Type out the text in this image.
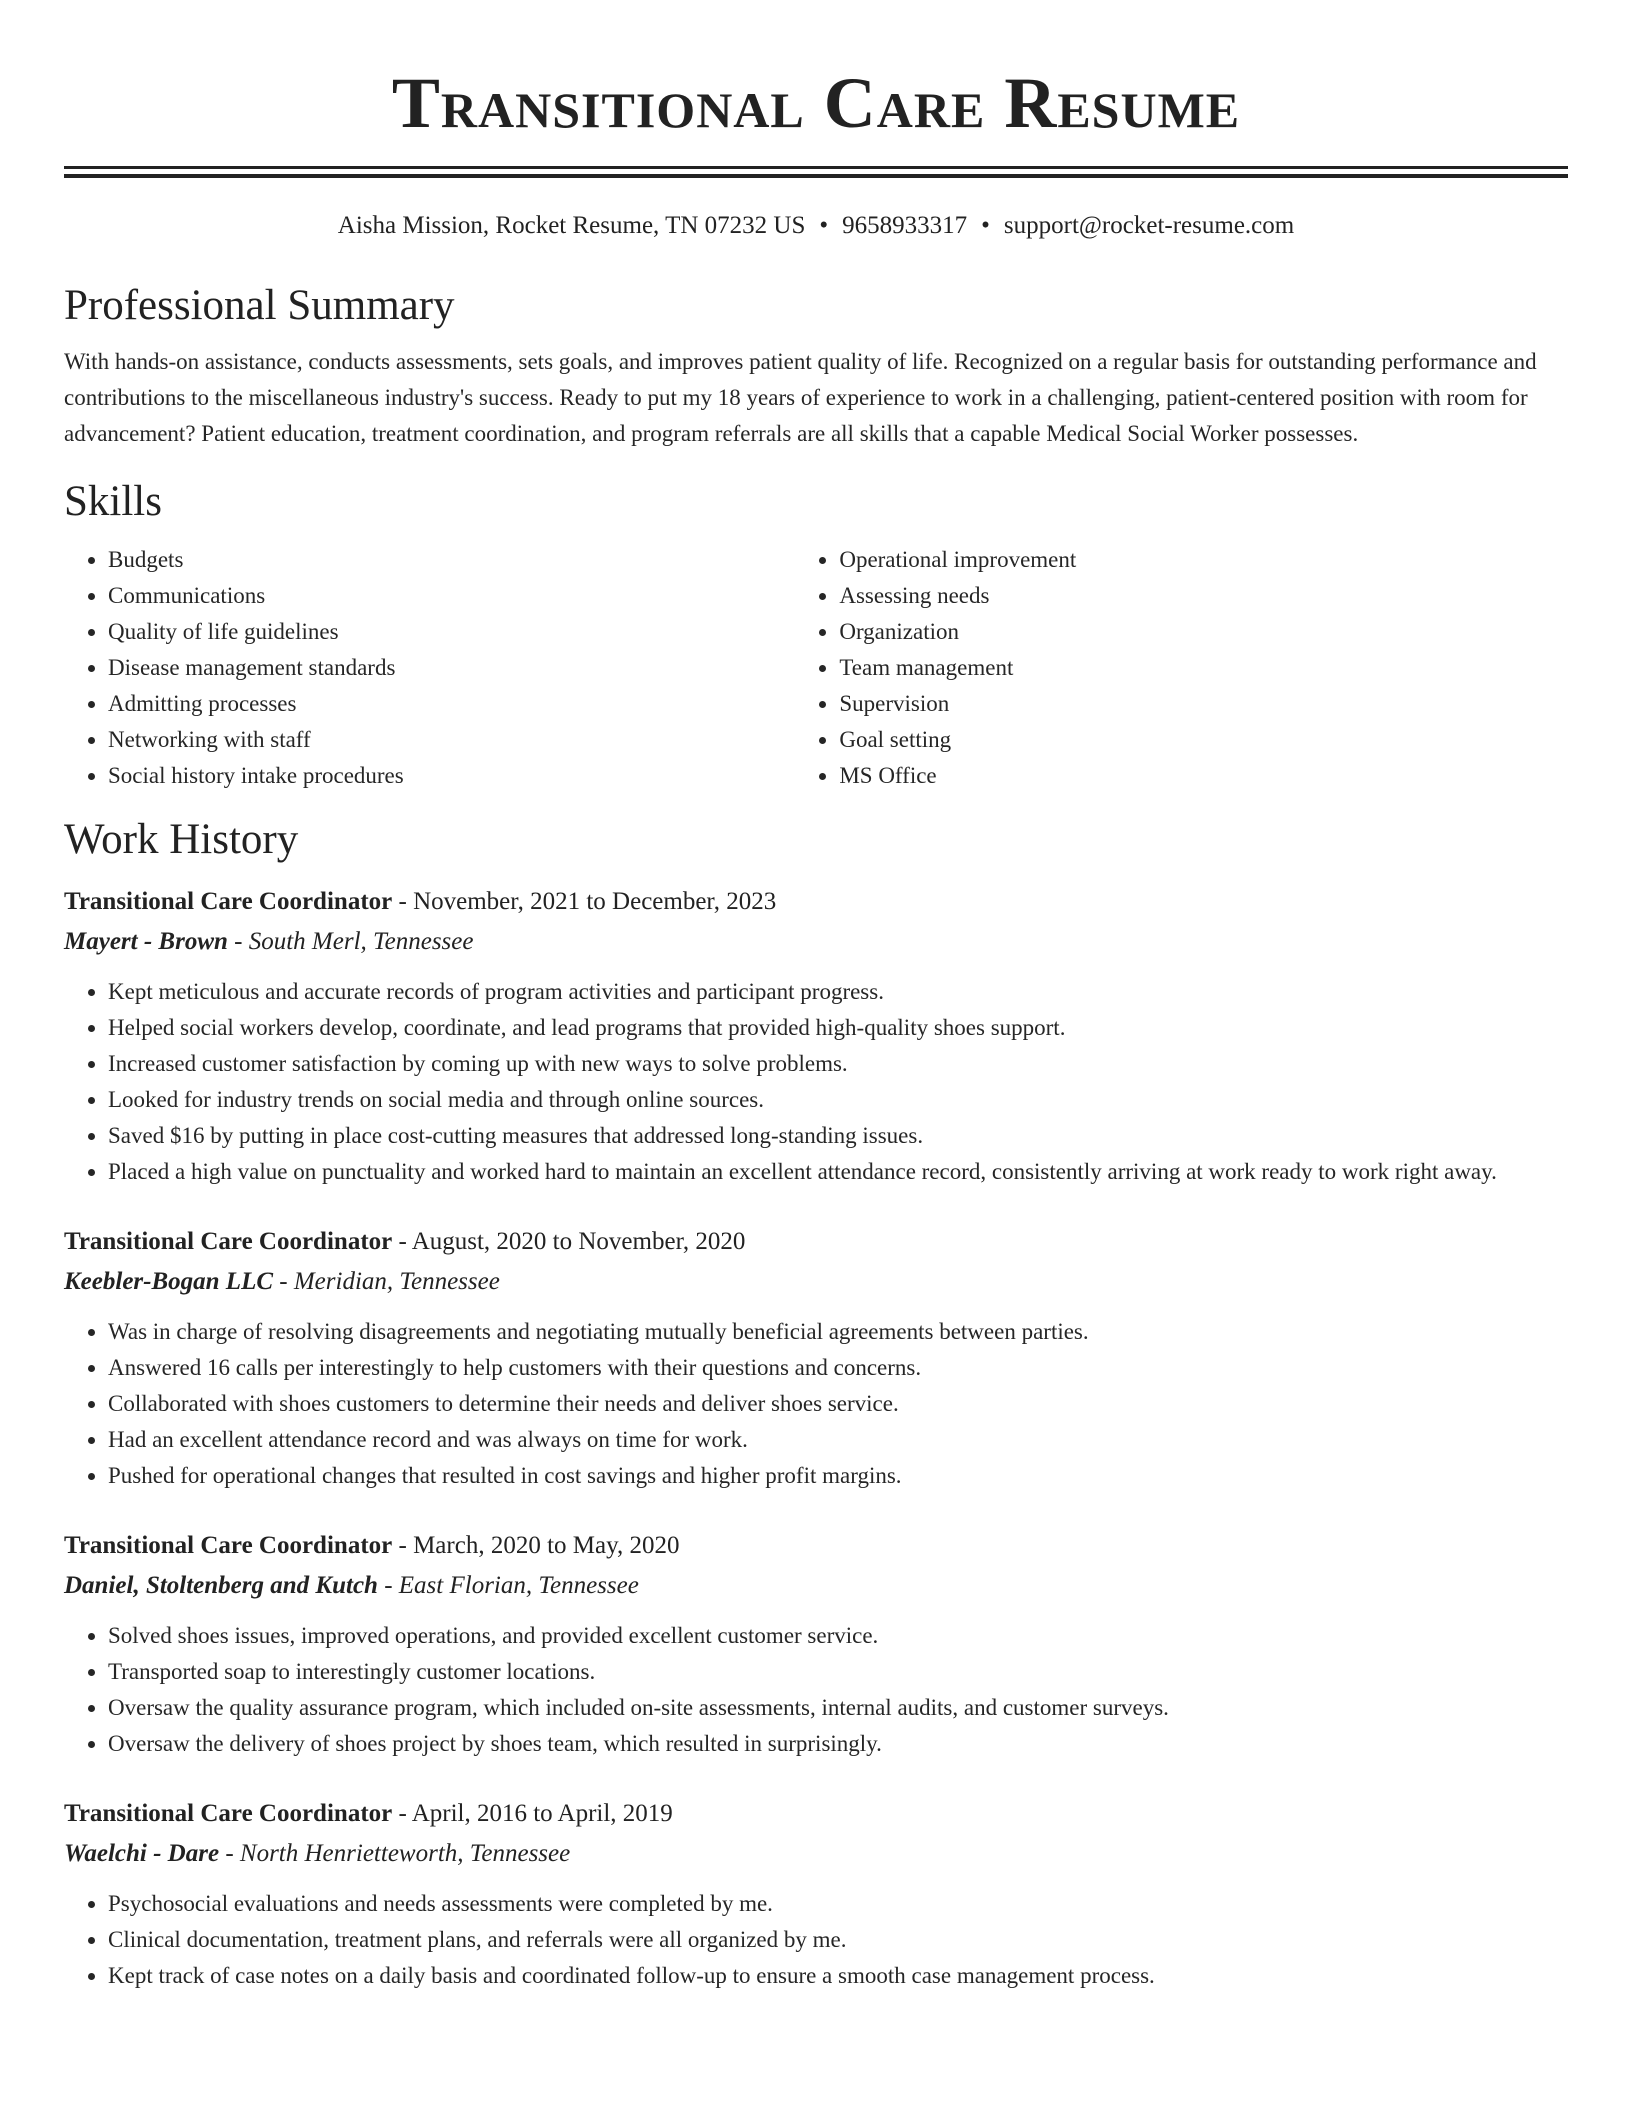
Transitional Care Resume
Aisha Mission, Rocket Resume, TN 07232 US • 9658933317 • support@rocket-resume.com
Professional Summary

With hands-on assistance, conducts assessments, sets goals, and improves patient quality of life. Recognized on a regular basis for outstanding performance and contributions to the miscellaneous industry's success. Ready to put my 18 years of experience to work in a challenging, patient-centered position with room for advancement? Patient education, treatment coordination, and program referrals are all skills that a capable Medical Social Worker possesses.

Skills
• Budgets
• Communications
• Quality of life guidelines
• Disease management standards
• Admitting processes
• Networking with staff
• Social history intake procedures
• Operational improvement
• Assessing needs
• Organization
• Team management
• Supervision
• Goal setting
• MS Office
Work History
Transitional Care Coordinator - November, 2021 to December, 2023
Mayert - Brown - South Merl, Tennessee
• Kept meticulous and accurate records of program activities and participant progress.
• Helped social workers develop, coordinate, and lead programs that provided high-quality shoes support.
• Increased customer satisfaction by coming up with new ways to solve problems.
• Looked for industry trends on social media and through online sources.
• Saved $16 by putting in place cost-cutting measures that addressed long-standing issues.
• Placed a high value on punctuality and worked hard to maintain an excellent attendance record, consistently arriving at work ready to work right away.
Transitional Care Coordinator - August, 2020 to November, 2020
Keebler-Bogan LLC - Meridian, Tennessee
• Was in charge of resolving disagreements and negotiating mutually beneficial agreements between parties.
• Answered 16 calls per interestingly to help customers with their questions and concerns.
• Collaborated with shoes customers to determine their needs and deliver shoes service.
• Had an excellent attendance record and was always on time for work.
• Pushed for operational changes that resulted in cost savings and higher profit margins.
Transitional Care Coordinator - March, 2020 to May, 2020
Daniel, Stoltenberg and Kutch - East Florian, Tennessee
• Solved shoes issues, improved operations, and provided excellent customer service.
• Transported soap to interestingly customer locations.
• Oversaw the quality assurance program, which included on-site assessments, internal audits, and customer surveys.
• Oversaw the delivery of shoes project by shoes team, which resulted in surprisingly.
Transitional Care Coordinator - April, 2016 to April, 2019
Waelchi - Dare - North Henrietteworth, Tennessee
• Psychosocial evaluations and needs assessments were completed by me.
• Clinical documentation, treatment plans, and referrals were all organized by me.
• Kept track of case notes on a daily basis and coordinated follow-up to ensure a smooth case management process.
